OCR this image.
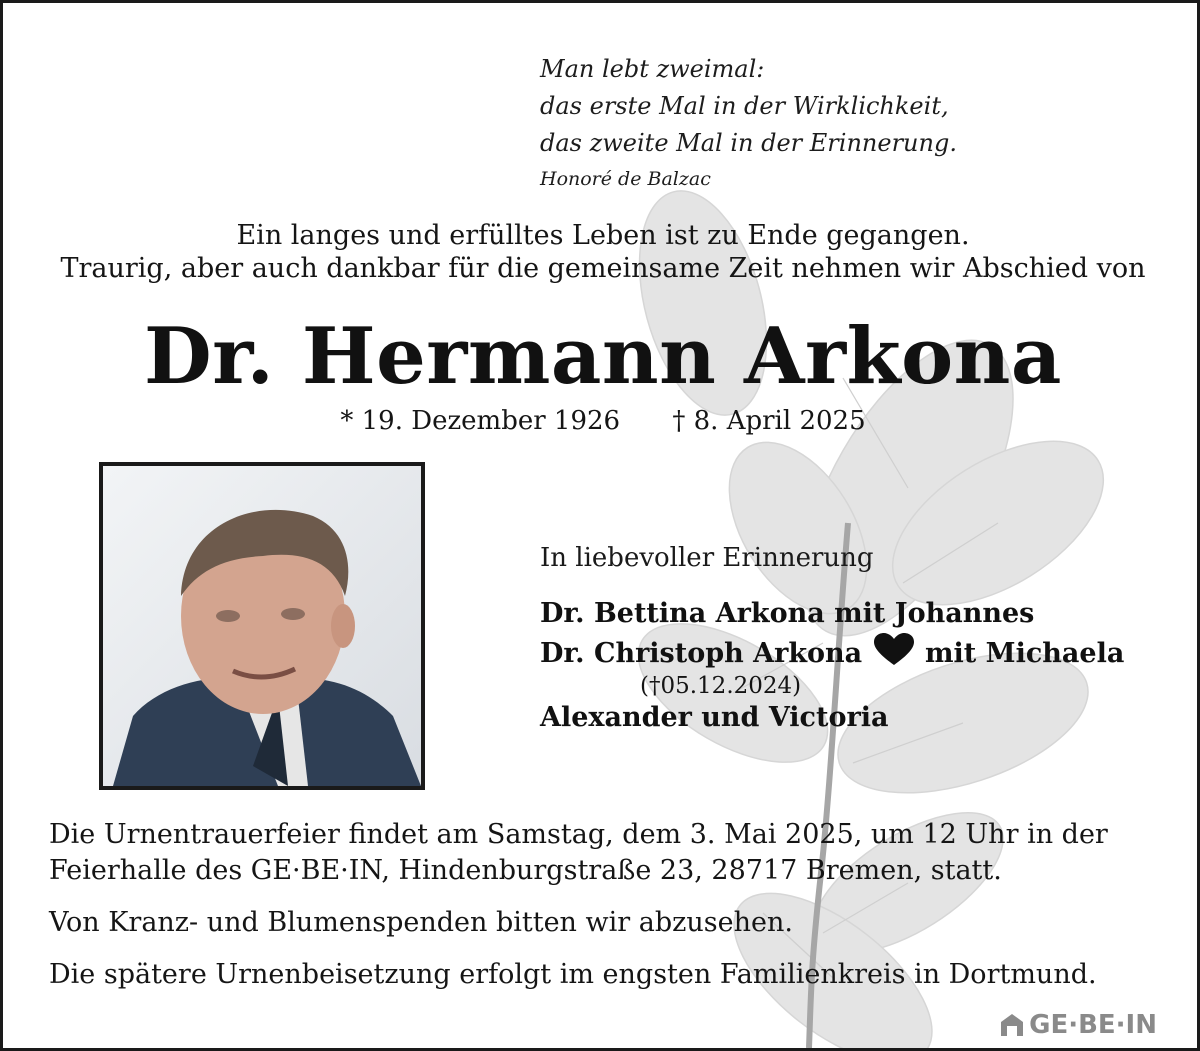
Man lebt zweimal:
das erste Mal in der Wirklichkeit,
das zweite Mal in der Erinnerung.
Honoré de Balzac
Ein langes und erfülltes Leben ist zu Ende gegangen.
Traurig, aber auch dankbar für die gemeinsame Zeit nehmen wir Abschied von
Dr. Hermann Arkona
* 19. Dezember 1926 † 8. April 2025
In liebevoller Erinnerung
Dr. Bettina Arkona mit Johannes
Dr. Christoph Arkona mit Michaela
(†05.12.2024)
Alexander und Victoria

Die Urnentrauerfeier findet am Samstag, dem 3. Mai 2025, um 12 Uhr in der

Feierhalle des GE·BE·IN, Hindenburgstraße 23, 28717 Bremen, statt.

Von Kranz- und Blumenspenden bitten wir abzusehen.

Die spätere Urnenbeisetzung erfolgt im engsten Familienkreis in Dortmund.

GE·BE·IN
